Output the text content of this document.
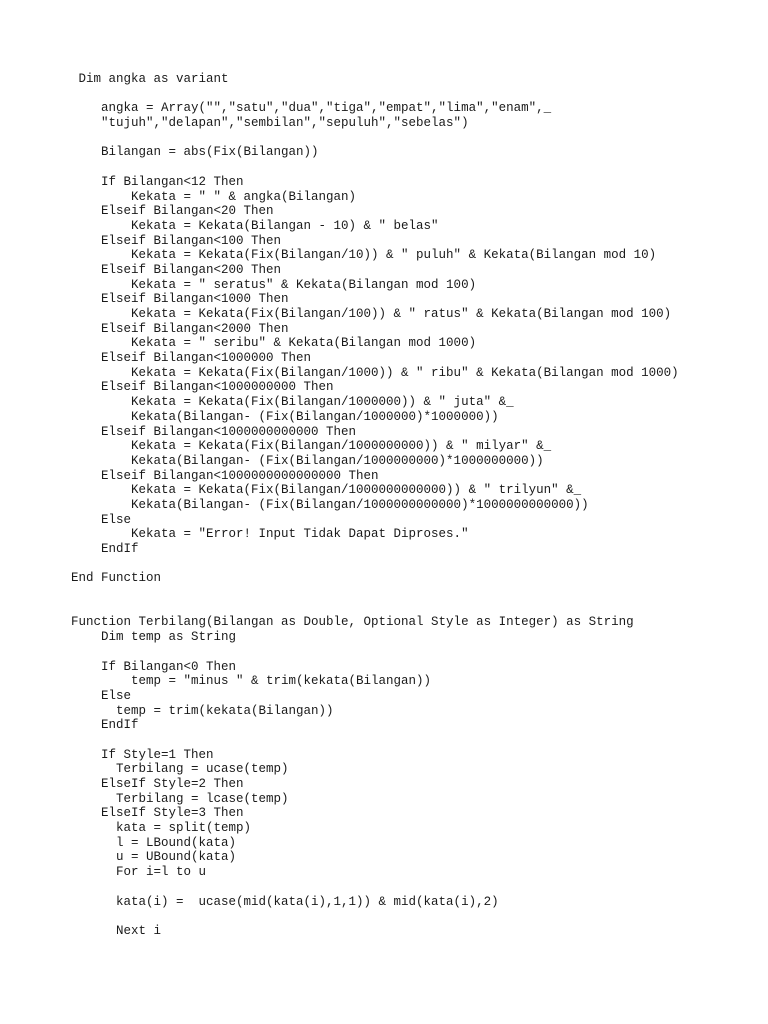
Dim angka as variant
angka = Array("","satu","dua","tiga","empat","lima","enam",_
"tujuh","delapan","sembilan","sepuluh","sebelas")
Bilangan = abs(Fix(Bilangan))
If Bilangan<12 Then
Kekata = " " & angka(Bilangan)
Elseif Bilangan<20 Then
Kekata = Kekata(Bilangan - 10) & " belas"
Elseif Bilangan<100 Then
Kekata = Kekata(Fix(Bilangan/10)) & " puluh" & Kekata(Bilangan mod 10)
Elseif Bilangan<200 Then
Kekata = " seratus" & Kekata(Bilangan mod 100)
Elseif Bilangan<1000 Then
Kekata = Kekata(Fix(Bilangan/100)) & " ratus" & Kekata(Bilangan mod 100)
Elseif Bilangan<2000 Then
Kekata = " seribu" & Kekata(Bilangan mod 1000)
Elseif Bilangan<1000000 Then
Kekata = Kekata(Fix(Bilangan/1000)) & " ribu" & Kekata(Bilangan mod 1000)
Elseif Bilangan<1000000000 Then
Kekata = Kekata(Fix(Bilangan/1000000)) & " juta" &_
Kekata(Bilangan- (Fix(Bilangan/1000000)*1000000))
Elseif Bilangan<1000000000000 Then
Kekata = Kekata(Fix(Bilangan/1000000000)) & " milyar" &_
Kekata(Bilangan- (Fix(Bilangan/1000000000)*1000000000))
Elseif Bilangan<1000000000000000 Then
Kekata = Kekata(Fix(Bilangan/1000000000000)) & " trilyun" &_
Kekata(Bilangan- (Fix(Bilangan/1000000000000)*1000000000000))
Else
Kekata = "Error! Input Tidak Dapat Diproses."
EndIf
End Function
Function Terbilang(Bilangan as Double, Optional Style as Integer) as String
Dim temp as String
If Bilangan<0 Then
temp = "minus " & trim(kekata(Bilangan))
Else
temp = trim(kekata(Bilangan))
EndIf
If Style=1 Then
Terbilang = ucase(temp)
ElseIf Style=2 Then
Terbilang = lcase(temp)
ElseIf Style=3 Then
kata = split(temp)
l = LBound(kata)
u = UBound(kata)
For i=l to u
kata(i) =  ucase(mid(kata(i),1,1)) & mid(kata(i),2)
Next i
